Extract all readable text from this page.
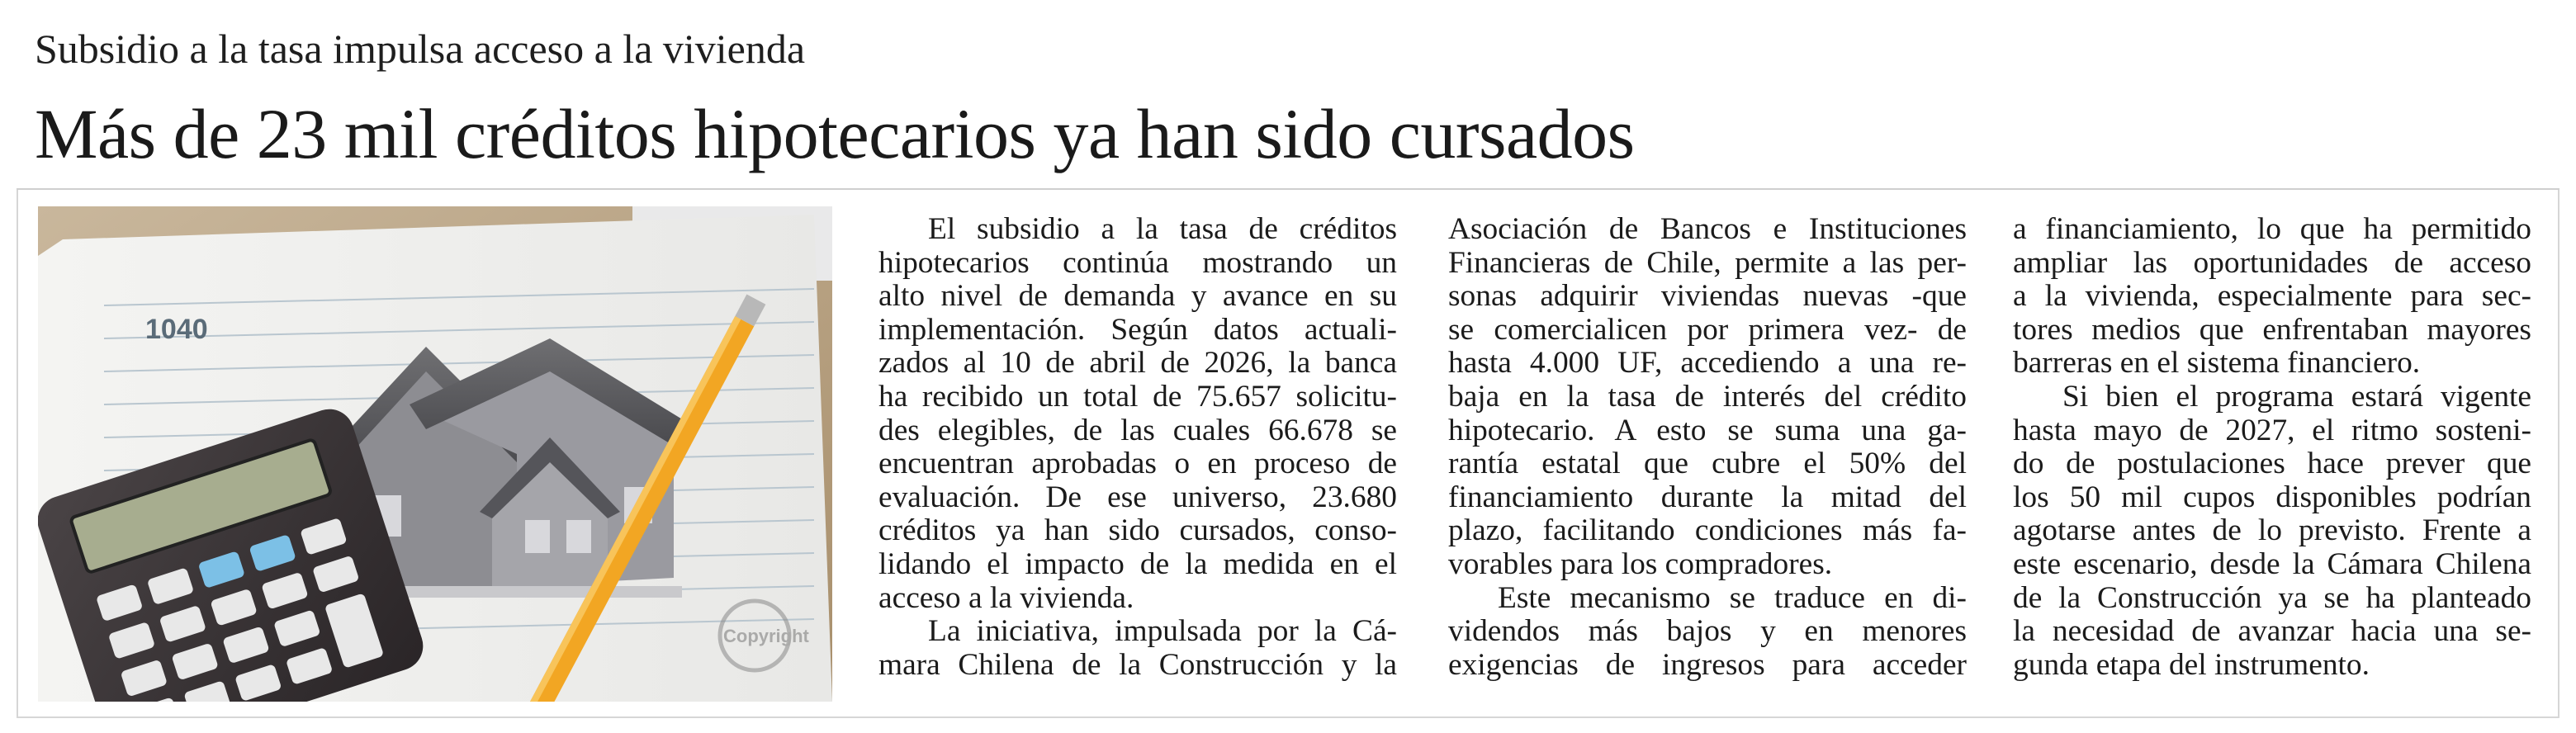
Subsidio a la tasa impulsa acceso a la vivienda
Más de 23 mil créditos hipotecarios ya han sido cursados
1040
Copyright
El subsidio a la tasa de créditos
hipotecarios continúa mostrando un
alto nivel de demanda y avance en su
implementación. Según datos actuali-
zados al 10 de abril de 2026, la banca
ha recibido un total de 75.657 solicitu-
des elegibles, de las cuales 66.678 se
encuentran aprobadas o en proceso de
evaluación. De ese universo, 23.680
créditos ya han sido cursados, conso-
lidando el impacto de la medida en el
acceso a la vivienda.
La iniciativa, impulsada por la Cá-
mara Chilena de la Construcción y la
Asociación de Bancos e Instituciones
Financieras de Chile, permite a las per-
sonas adquirir viviendas nuevas -que
se comercialicen por primera vez- de
hasta 4.000 UF, accediendo a una re-
baja en la tasa de interés del crédito
hipotecario. A esto se suma una ga-
rantía estatal que cubre el 50% del
financiamiento durante la mitad del
plazo, facilitando condiciones más fa-
vorables para los compradores.
Este mecanismo se traduce en di-
videndos más bajos y en menores
exigencias de ingresos para acceder
a financiamiento, lo que ha permitido
ampliar las oportunidades de acceso
a la vivienda, especialmente para sec-
tores medios que enfrentaban mayores
barreras en el sistema financiero.
Si bien el programa estará vigente
hasta mayo de 2027, el ritmo sosteni-
do de postulaciones hace prever que
los 50 mil cupos disponibles podrían
agotarse antes de lo previsto. Frente a
este escenario, desde la Cámara Chilena
de la Construcción ya se ha planteado
la necesidad de avanzar hacia una se-
gunda etapa del instrumento.
